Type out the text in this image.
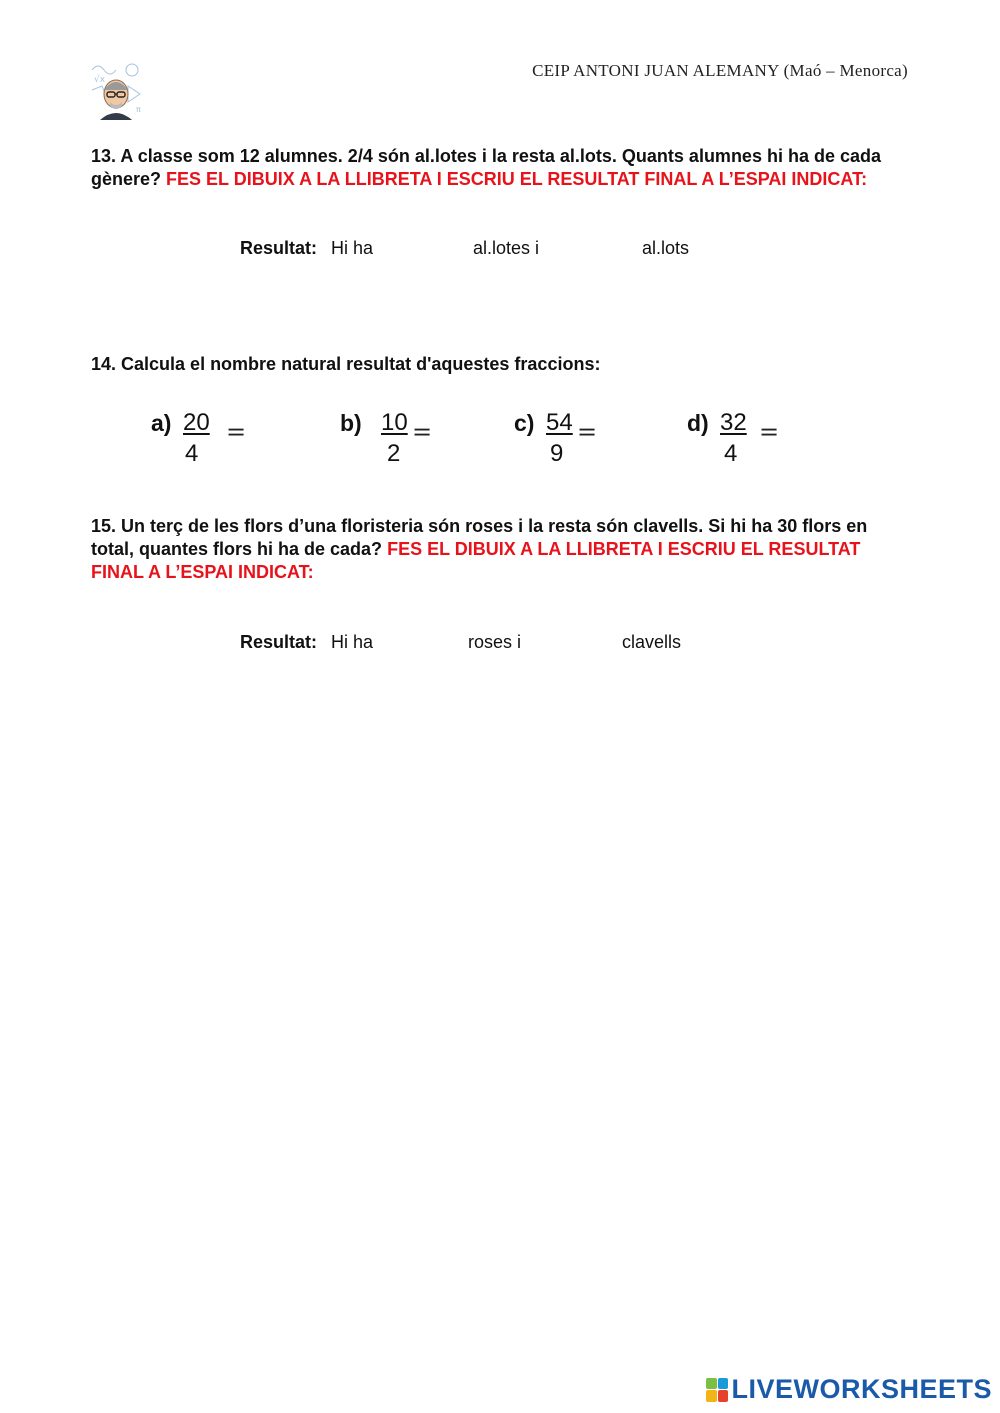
√x
π
CEIP ANTONI JUAN ALEMANY (Maó – Menorca)
13. A classe som 12 alumnes. 2/4 són al.lotes i la resta al.lots. Quants alumnes hi ha de cada gènere? FES EL DIBUIX A LA LLIBRETA I ESCRIU EL RESULTAT FINAL A L’ESPAI INDICAT:
Resultat: Hi ha	al.lotes i	al.lots
14. Calcula el nombre natural resultat d'aquestes fraccions:
a) 20
4
=	b) 10
2
=	c) 54
9
=	d) 32
4
=
15. Un terç de les flors d’una floristeria són roses i la resta són clavells. Si hi ha 30 flors en total, quantes flors hi ha de cada? FES EL DIBUIX A LA LLIBRETA I ESCRIU EL RESULTAT FINAL A L’ESPAI INDICAT:
Resultat: Hi ha	roses i	clavells
LIVEWORKSHEETS
